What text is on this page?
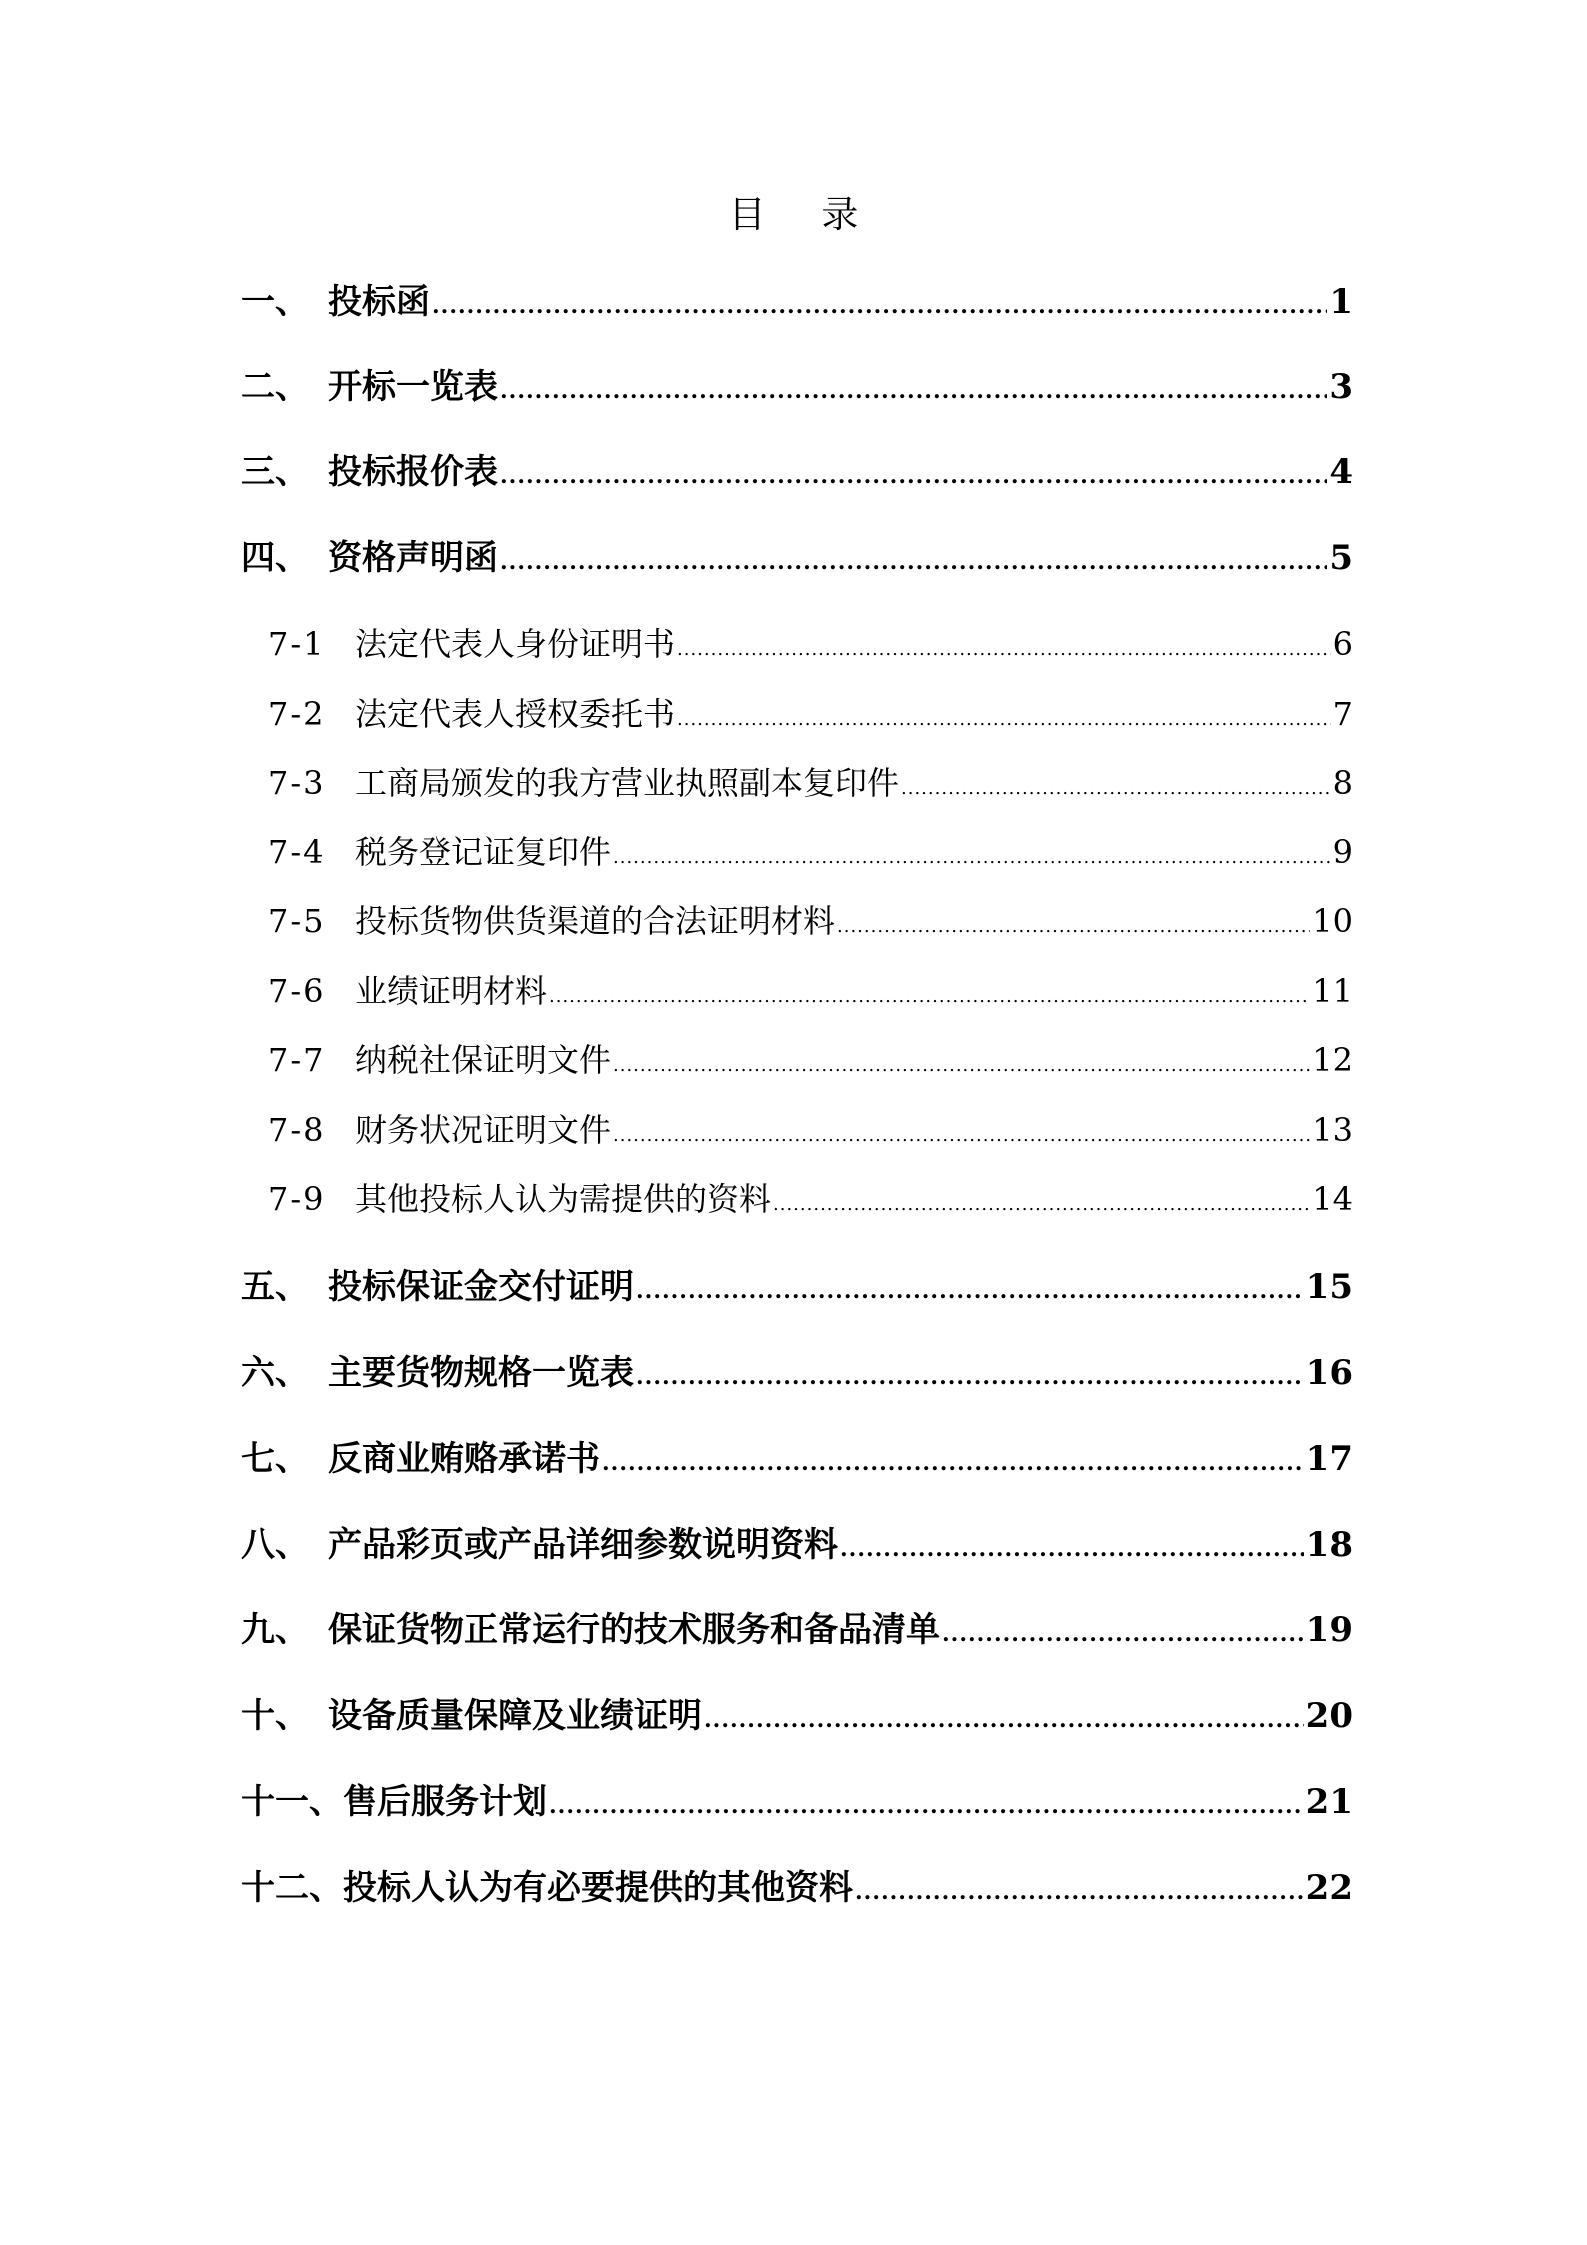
目 录
一、 投标函 .....	1
二、 开标一览表 .....	3
三、 投标报价表 .....	4
四、 资格声明函 .....	5
7-1 法定代表人身份证明书 .....	6
7-2 法定代表人授权委托书 .....	7
7-3 工商局颁发的我方营业执照副本复印件 .....	8
7-4 税务登记证复印件 .....	9
7-5 投标货物供货渠道的合法证明材料 .....	10
7-6 业绩证明材料 .....	11
7-7 纳税社保证明文件 .....	12
7-8 财务状况证明文件 .....	13
7-9 其他投标人认为需提供的资料 .....	14
五、 投标保证金交付证明 .....	15
六、 主要货物规格一览表 .....	16
七、 反商业贿赂承诺书 .....	17
八、 产品彩页或产品详细参数说明资料 .....	18
九、 保证货物正常运行的技术服务和备品清单 .....	19
十、 设备质量保障及业绩证明 .....	20
十一、 售后服务计划 .....	21
十二、 投标人认为有必要提供的其他资料 .....	22
